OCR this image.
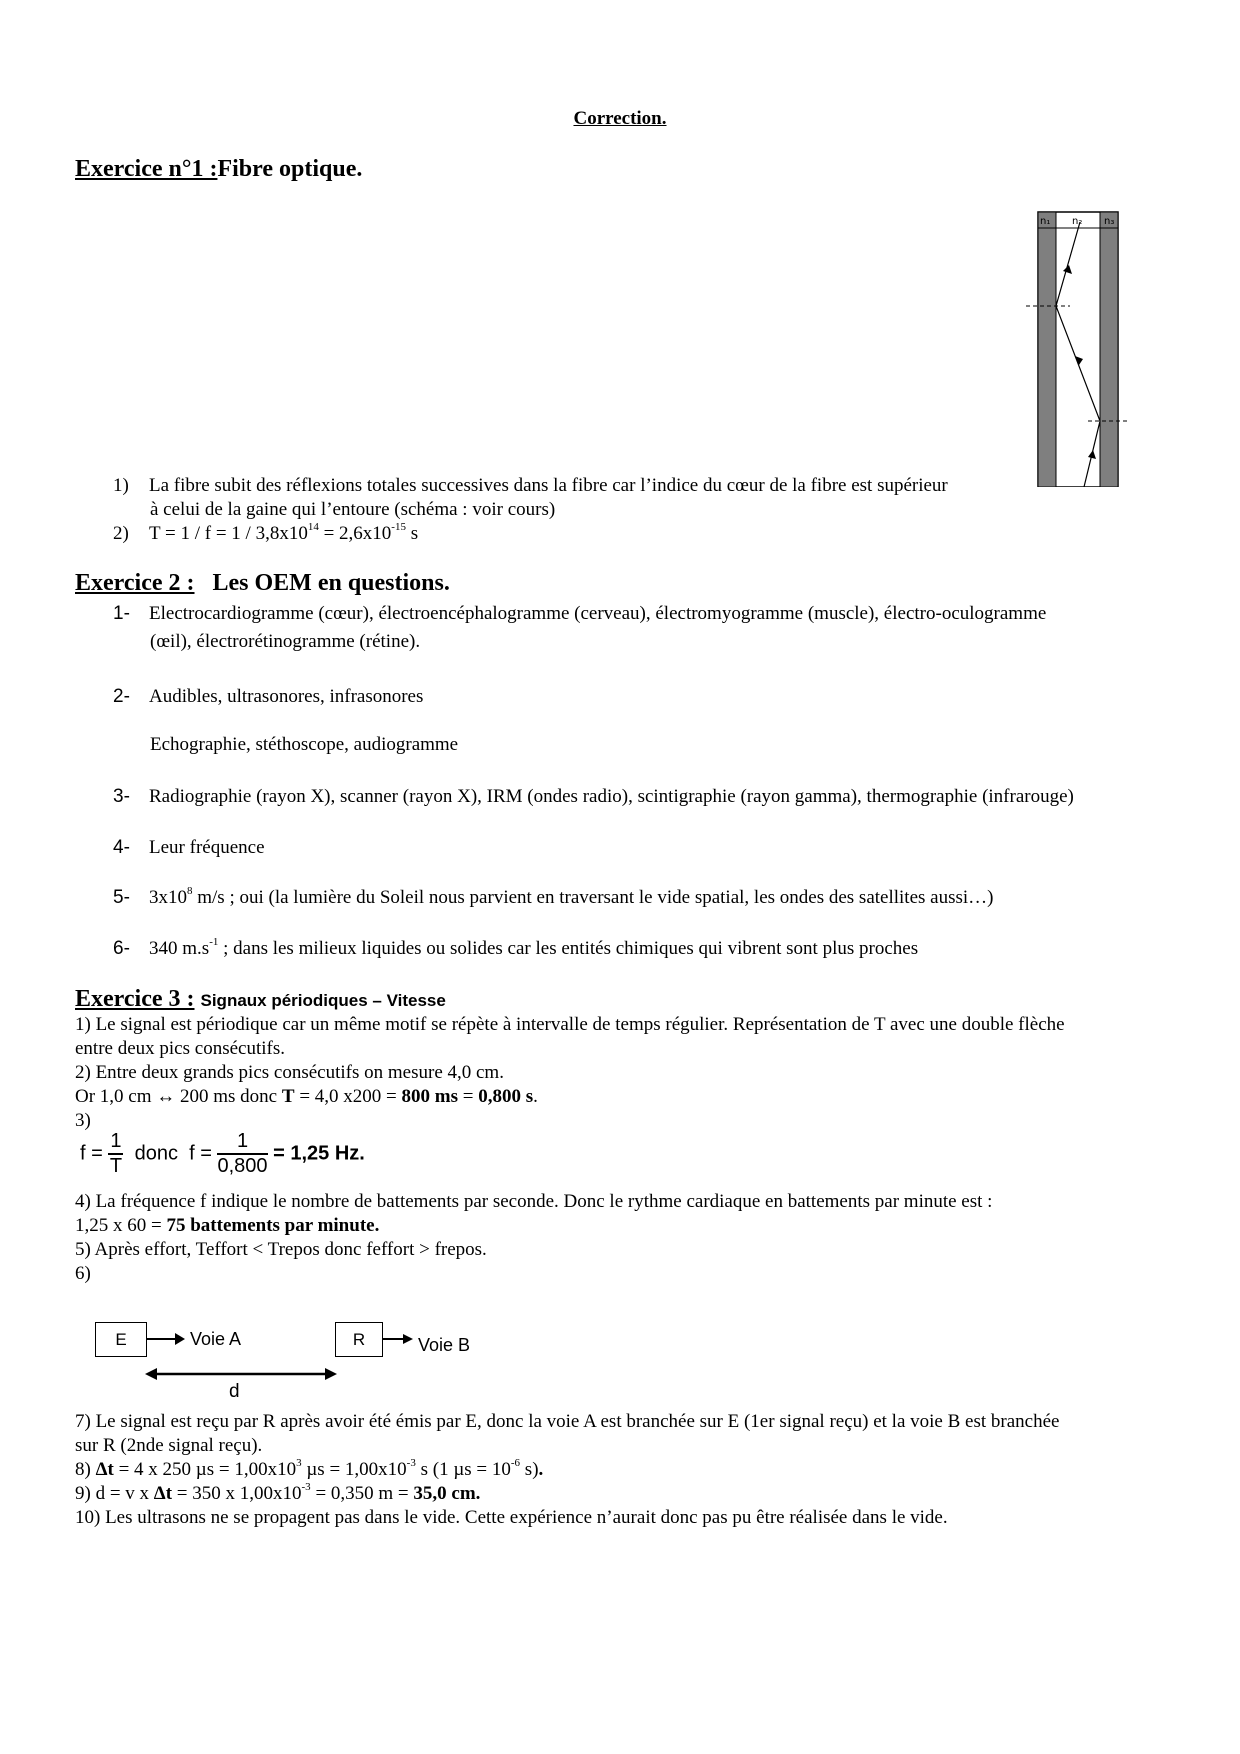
Correction.
Exercice n°1 :Fibre optique.
n₁ n₂ n₃
1) La fibre subit des réflexions totales successives dans la fibre car l’indice du cœur de la fibre est supérieur
à celui de la gaine qui l’entoure (schéma : voir cours)
2) $T = 1 / f = 1 / 3,8x10^{14} = 2,6x10^{-15}$ s
Exercice 2 : Les OEM en questions.
1- Electrocardiogramme (cœur), électroencéphalogramme (cerveau), électromyogramme (muscle), électro-oculogramme
(œil), électrorétinogramme (rétine).
2- Audibles, ultrasonores, infrasonores
Echographie, stéthoscope, audiogramme
3- Radiographie (rayon X), scanner (rayon X), IRM (ondes radio), scintigraphie (rayon gamma), thermographie (infrarouge)
4- Leur fréquence
5- $3x10^8$ m/s ; oui (la lumière du Soleil nous parvient en traversant le vide spatial, les ondes des satellites aussi…)
6- 340 $m.s^{-1}$ ; dans les milieux liquides ou solides car les entités chimiques qui vibrent sont plus proches
Exercice 3 : Signaux périodiques – Vitesse
1) Le signal est périodique car un même motif se répète à intervalle de temps régulier. Représentation de T avec une double flèche
entre deux pics consécutifs.
2) Entre deux grands pics consécutifs on mesure 4,0 cm.
Or 1,0 cm ↔ 200 ms donc T = 4,0 x200 = 800 ms = 0,800 s.
3)
$f = \frac{1}{T}$ donc $f = \frac{1}{0,800} = 1,25$ Hz.
4) La fréquence f indique le nombre de battements par seconde. Donc le rythme cardiaque en battements par minute est :
1,25 x 60 = 75 battements par minute.
5) Après effort, Teffort < Trepos donc feffort > frepos.
6)
E	R
Voie A	Voie B
d
7) Le signal est reçu par R après avoir été émis par E, donc la voie A est branchée sur E (1er signal reçu) et la voie B est branchée
sur R (2nde signal reçu).
8) Δt = 4 x 250 $\mu s = 1,00x10^3$ $\mu s = 1,00x10^{-3}$ s (1 $\mu s = 10^{-6}$ s).
9) d = v x Δt = 350 x $1,00x10^{-3} = 0,350$ m = 35,0 cm.
10) Les ultrasons ne se propagent pas dans le vide. Cette expérience n’aurait donc pas pu être réalisée dans le vide.
